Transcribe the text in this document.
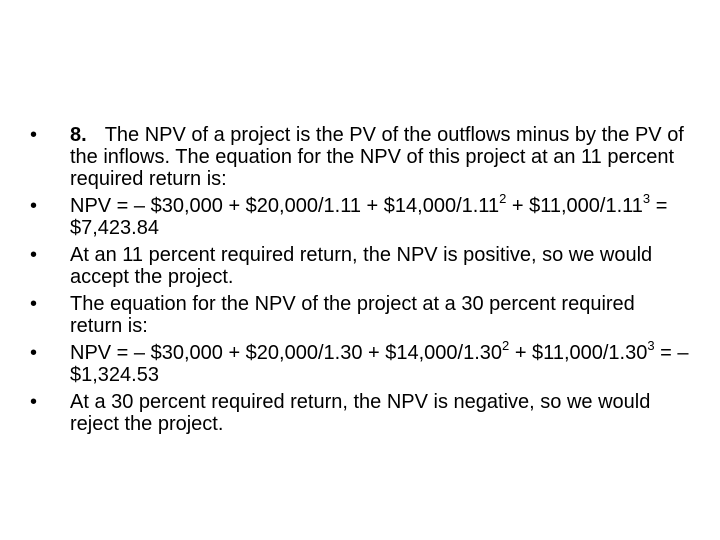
•	8. The NPV of a project is the PV of the outflows minus by the PV of the inflows. The equation for the NPV of this project at an 11 percent required return is:
•	NPV = – $30,000 + $20,000/1.11 + $\$14,000/1.11^2$ + $\$11,000/1.11^3$ = $7,423.84
•	At an 11 percent required return, the NPV is positive, so we would accept the project.
•	The equation for the NPV of the project at a 30 percent required return is:
•	NPV = – $30,000 + $20,000/1.30 + $\$14,000/1.30^2$ + $\$11,000/1.30^3$ = – $1,324.53
•	At a 30 percent required return, the NPV is negative, so we would reject the project.
